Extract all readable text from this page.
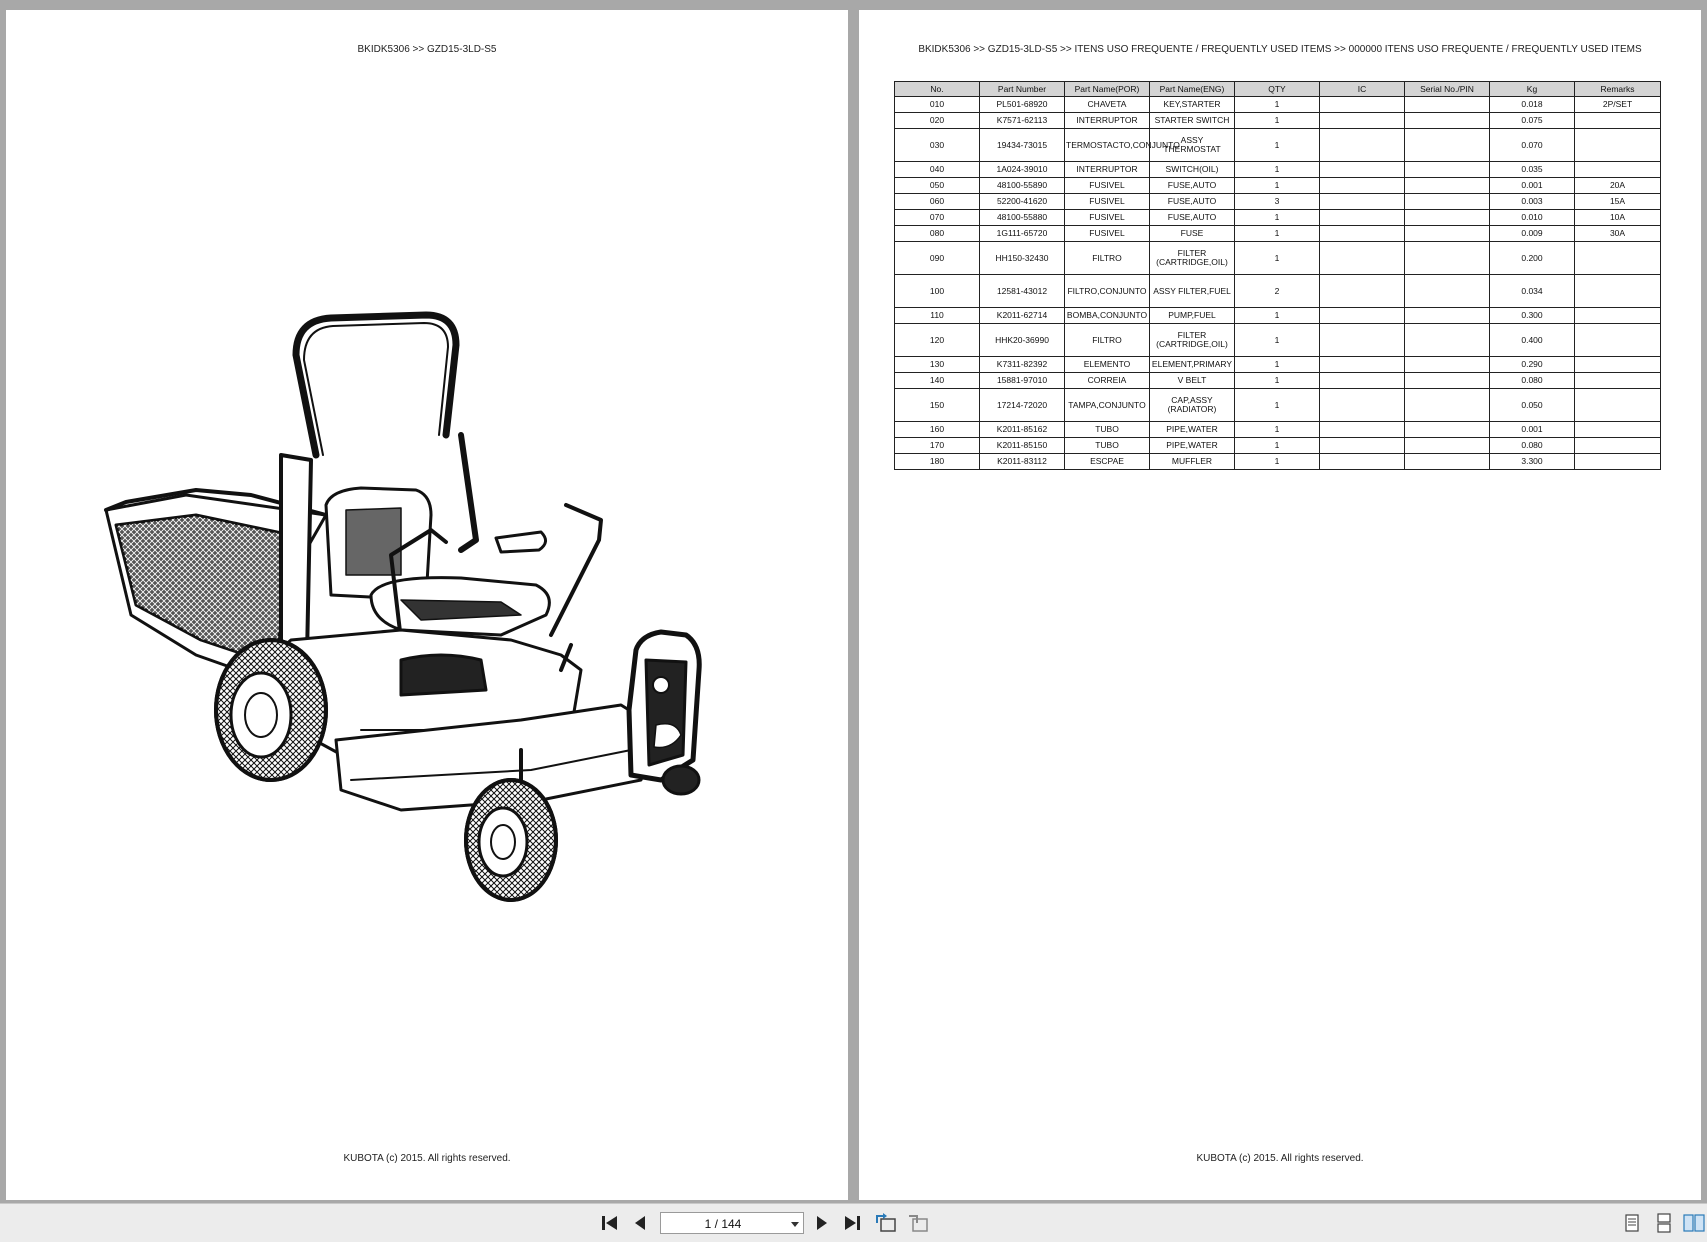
BKIDK5306 >> GZD15-3LD-S5
KUBOTA (c) 2015. All rights reserved.
BKIDK5306 >> GZD15-3LD-S5 >> ITENS USO FREQUENTE / FREQUENTLY USED ITEMS >> 000000 ITENS USO FREQUENTE / FREQUENTLY USED ITEMS
No.	Part Number	Part Name(POR)	Part Name(ENG)	QTY	IC	Serial No./PIN	Kg	Remarks
010	PL501-68920	CHAVETA	KEY,STARTER	1			0.018	2P/SET
020	K7571-62113	INTERRUPTOR	STARTER SWITCH	1			0.075	
030	19434-73015	TERMOSTACTO,CONJUNTO	ASSY THERMOSTAT	1			0.070	
040	1A024-39010	INTERRUPTOR	SWITCH(OIL)	1			0.035	
050	48100-55890	FUSIVEL	FUSE,AUTO	1			0.001	20A
060	52200-41620	FUSIVEL	FUSE,AUTO	3			0.003	15A
070	48100-55880	FUSIVEL	FUSE,AUTO	1			0.010	10A
080	1G111-65720	FUSIVEL	FUSE	1			0.009	30A
090	HH150-32430	FILTRO	FILTER (CARTRIDGE,OIL)	1			0.200	
100	12581-43012	FILTRO,CONJUNTO	ASSY FILTER,FUEL	2			0.034	
110	K2011-62714	BOMBA,CONJUNTO	PUMP,FUEL	1			0.300	
120	HHK20-36990	FILTRO	FILTER (CARTRIDGE,OIL)	1			0.400	
130	K7311-82392	ELEMENTO	ELEMENT,PRIMARY	1			0.290	
140	15881-97010	CORREIA	V BELT	1			0.080	
150	17214-72020	TAMPA,CONJUNTO	CAP,ASSY (RADIATOR)	1			0.050	
160	K2011-85162	TUBO	PIPE,WATER	1			0.001	
170	K2011-85150	TUBO	PIPE,WATER	1			0.080	
180	K2011-83112	ESCPAE	MUFFLER	1			3.300	
KUBOTA (c) 2015. All rights reserved.
1 / 144
